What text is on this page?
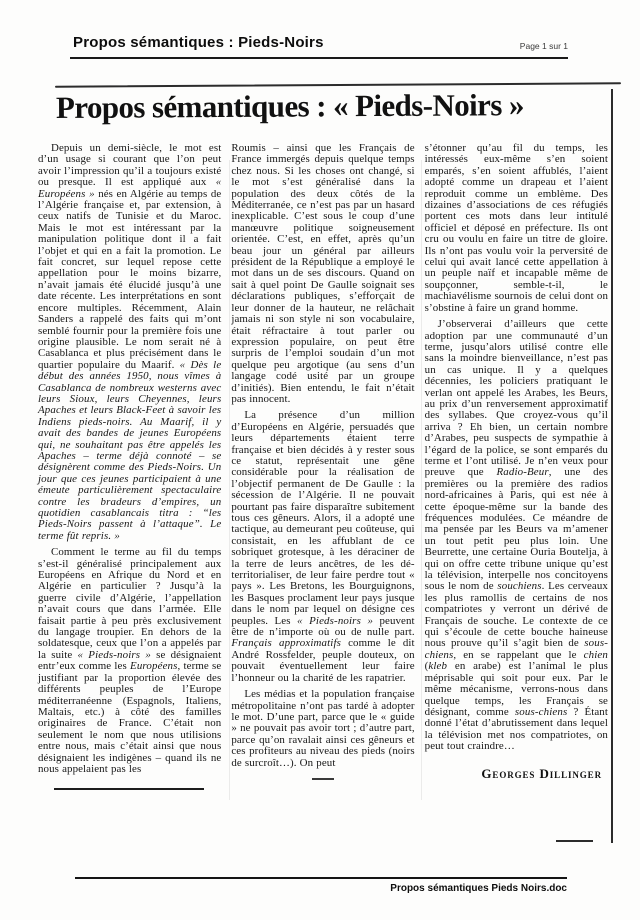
Propos sémantiques : Pieds-Noirs	Page 1 sur 1
Propos sémantiques : « Pieds-Noirs »

Depuis un demi-siècle, le mot est d’un usage si courant que l’on peut avoir l’impression qu’il a toujours existé ou presque. Il est appliqué aux « Européens » nés en Algérie au temps de l’Algérie française et, par extension, à ceux natifs de Tunisie et du Maroc. Mais le mot est intéressant par la manipulation politique dont il a fait l’objet et qui en a fait la promotion. Le fait concret, sur lequel repose cette appellation pour le moins bizarre, n’avait jamais été élucidé jusqu’à une date récente. Les interprétations en sont encore multiples. Récemment, Alain Sanders a rappelé des faits qui m’ont semblé fournir pour la première fois une origine plausible. Le nom serait né à Casablanca et plus précisément dans le quartier populaire du Maarif. « Dès le début des années 1950, nous vîmes à Casablanca de nombreux westerns avec leurs Sioux, leurs Cheyennes, leurs Apaches et leurs Black-Feet à savoir les Indiens pieds-noirs. Au Maarif, il y avait des bandes de jeunes Européens qui, ne souhaitant pas être appelés les Apaches – terme déjà connoté – se désignèrent comme des Pieds-Noirs. Un jour que ces jeunes participaient à une émeute particulièrement spectaculaire contre les bradeurs d’empires, un quotidien casablancais titra : “les Pieds-Noirs passent à l’attaque”. Le terme fût repris. »

Comment le terme au fil du temps s’est-il généralisé principalement aux Européens en Afrique du Nord et en Algérie en particulier ? Jusqu’à la guerre civile d’Algérie, l’appellation n’avait cours que dans l’armée. Elle faisait partie à peu près exclusivement du langage troupier. En dehors de la soldatesque, ceux que l’on a appelés par la suite « Pieds-noirs » se désignaient entr’eux comme les Européens, terme se justifiant par la proportion élevée des différents peuples de l’Europe méditerranéenne (Espagnols, Italiens, Maltais, etc.) à côté des familles originaires de France. C’était non seulement le nom que nous utilisions entre nous, mais c’était ainsi que nous désignaient les indigènes – quand ils ne nous appelaient pas les

Roumis – ainsi que les Français de France immergés depuis quelque temps chez nous. Si les choses ont changé, si le mot s’est généralisé dans la population des deux côtés de la Méditerranée, ce n’est pas par un hasard inexplicable. C’est sous le coup d’une manœuvre politique soigneusement orientée. C’est, en effet, après qu’un beau jour un général par ailleurs président de la République a employé le mot dans un de ses discours. Quand on sait à quel point De Gaulle soignait ses déclarations publiques, s’efforçait de leur donner de la hauteur, ne relâchait jamais ni son style ni son vocabulaire, était réfractaire à tout parler ou expression populaire, on peut être surpris de l’emploi soudain d’un mot quelque peu argotique (au sens d’un langage codé usité par un groupe d’initiés). Bien entendu, le fait n’était pas innocent.

La présence d’un million d’Européens en Algérie, persuadés que leurs départements étaient terre française et bien décidés à y rester sous ce statut, représentait une gêne considérable pour la réalisation de l’objectif permanent de De Gaulle : la sécession de l’Algérie. Il ne pouvait pourtant pas faire disparaître subitement tous ces gêneurs. Alors, il a adopté une tactique, au demeurant peu coûteuse, qui consistait, en les affublant de ce sobriquet grotesque, à les déraciner de la terre de leurs ancêtres, de les dé-territorialiser, de leur faire perdre tout « pays ». Les Bretons, les Bourguignons, les Basques proclament leur pays jusque dans le nom par lequel on désigne ces peuples. Les « Pieds-noirs » peuvent être de n’importe où ou de nulle part. Français approximatifs comme le dit André Rossfelder, peuple douteux, on pouvait éventuellement leur faire l’honneur ou la charité de les rapatrier.

Les médias et la population française métropolitaine n’ont pas tardé à adopter le mot. D’une part, parce que le « guide » ne pouvait pas avoir tort ; d’autre part, parce qu’on ravalait ainsi ces gêneurs et ces profiteurs au niveau des pieds (noirs de surcroît…). On peut

s’étonner qu’au fil du temps, les intéressés eux-même s’en soient emparés, s’en soient affublés, l’aient adopté comme un drapeau et l’aient reproduit comme un emblème. Des dizaines d’associations de ces réfugiés portent ces mots dans leur intitulé officiel et déposé en préfecture. Ils ont cru ou voulu en faire un titre de gloire. Ils n’ont pas voulu voir la perversité de celui qui avait lancé cette appellation à un peuple naïf et incapable même de soupçonner, semble-t-il, le machiavélisme sournois de celui dont on s’obstine à faire un grand homme.

J’observerai d’ailleurs que cette adoption par une communauté d’un terme, jusqu’alors utilisé contre elle sans la moindre bienveillance, n’est pas un cas unique. Il y a quelques décennies, les policiers pratiquant le verlan ont appelé les Arabes, les Beurs, au prix d’un renversement approximatif des syllabes. Que croyez-vous qu’il arriva ? Eh bien, un certain nombre d’Arabes, peu suspects de sympathie à l’égard de la police, se sont emparés du terme et l’ont utilisé. Je n’en veux pour preuve que Radio-Beur, une des premières ou la première des radios nord-africaines à Paris, qui est née à cette époque-même sur la bande des fréquences modulées. Ce méandre de ma pensée par les Beurs va m’amener un tout petit peu plus loin. Une Beurrette, une certaine Ouria Boutelja, à qui on offre cette tribune unique qu’est la télévision, interpelle nos concitoyens sous le nom de souchiens. Les cerveaux les plus ramollis de certains de nos compatriotes y verront un dérivé de Français de souche. Le contexte de ce qui s’écoule de cette bouche haineuse nous prouve qu’il s’agit bien de sous-chiens, en se rappelant que le chien (kleb en arabe) est l’animal le plus méprisable qui soit pour eux. Par le même mécanisme, verrons-nous dans quelque temps, les Français se désignant, comme sous-chiens ? Étant donné l’état d’abrutissement dans lequel la télévision met nos compatriotes, on peut tout craindre…

Georges Dillinger
Propos sémantiques Pieds Noirs.doc
